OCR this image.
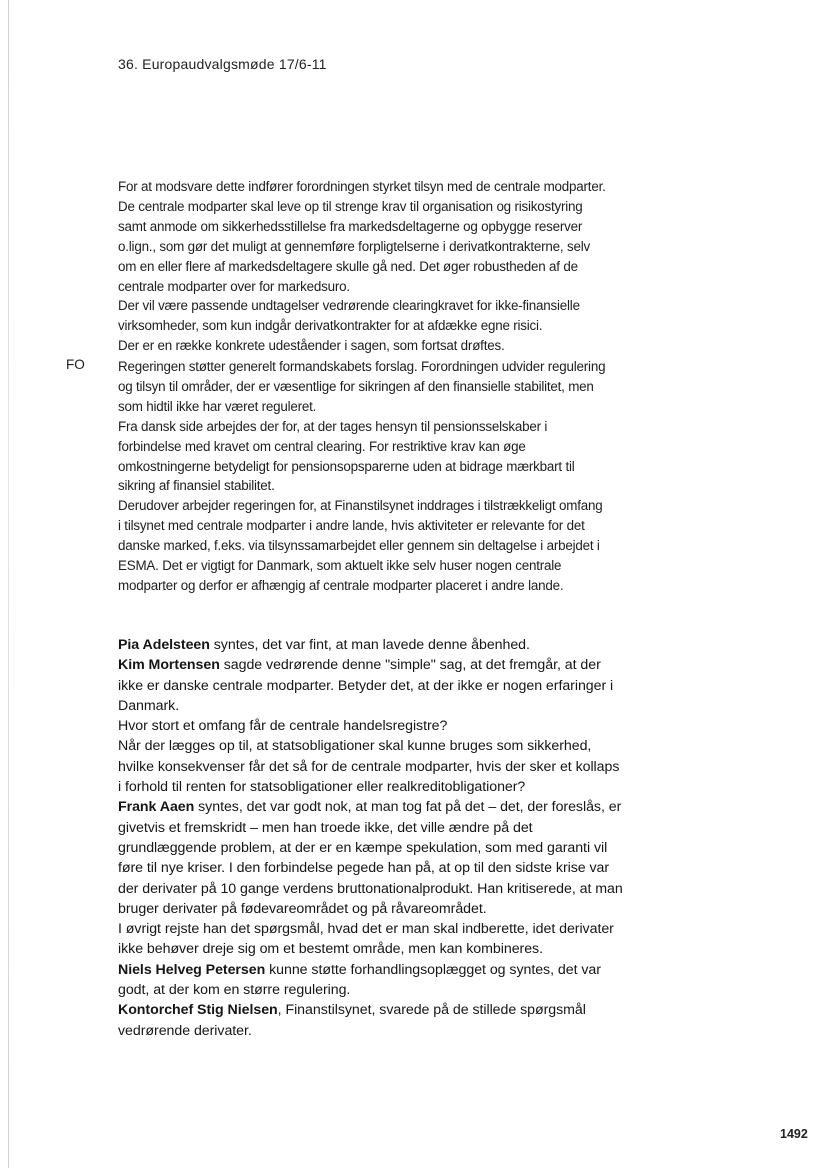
36. Europaudvalgsmøde 17/6-11

For at modsvare dette indfører forordningen styrket tilsyn med de centrale modparter. De centrale modparter skal leve op til strenge krav til organisation og risikostyring samt anmode om sikkerhedsstillelse fra markedsdeltagerne og opbygge reserver o.lign., som gør det muligt at gennemføre forpligtelserne i derivatkontrakterne, selv om en eller flere af markedsdeltagere skulle gå ned. Det øger robustheden af de centrale modparter over for markedsuro.

Der vil være passende undtagelser vedrørende clearingkravet for ikke-finansielle virksomheder, som kun indgår derivatkontrakter for at afdække egne risici.

Der er en række konkrete udeståender i sagen, som fortsat drøftes.

FO Regeringen støtter generelt formandskabets forslag. Forordningen udvider regulering og tilsyn til områder, der er væsentlige for sikringen af den finansielle stabilitet, men som hidtil ikke har været reguleret.

Fra dansk side arbejdes der for, at der tages hensyn til pensionsselskaber i forbindelse med kravet om central clearing. For restriktive krav kan øge omkostningerne betydeligt for pensionsopsparerne uden at bidrage mærkbart til sikring af finansiel stabilitet.

Derudover arbejder regeringen for, at Finanstilsynet inddrages i tilstrækkeligt omfang i tilsynet med centrale modparter i andre lande, hvis aktiviteter er relevante for det danske marked, f.eks. via tilsynssamarbejdet eller gennem sin deltagelse i arbejdet i ESMA. Det er vigtigt for Danmark, som aktuelt ikke selv huser nogen centrale modparter og derfor er afhængig af centrale modparter placeret i andre lande.

Pia Adelsteen syntes, det var fint, at man lavede denne åbenhed.

Kim Mortensen sagde vedrørende denne "simple" sag, at det fremgår, at der ikke er danske centrale modparter. Betyder det, at der ikke er nogen erfaringer i Danmark.

Hvor stort et omfang får de centrale handelsregistre?

Når der lægges op til, at statsobligationer skal kunne bruges som sikkerhed, hvilke konsekvenser får det så for de centrale modparter, hvis der sker et kollaps i forhold til renten for statsobligationer eller realkreditobligationer?

Frank Aaen syntes, det var godt nok, at man tog fat på det – det, der foreslås, er givetvis et fremskridt – men han troede ikke, det ville ændre på det grundlæggende problem, at der er en kæmpe spekulation, som med garanti vil føre til nye kriser. I den forbindelse pegede han på, at op til den sidste krise var der derivater på 10 gange verdens bruttonationalprodukt. Han kritiserede, at man bruger derivater på fødevareområdet og på råvareområdet.

I øvrigt rejste han det spørgsmål, hvad det er man skal indberette, idet derivater ikke behøver dreje sig om et bestemt område, men kan kombineres.

Niels Helveg Petersen kunne støtte forhandlingsoplægget og syntes, det var godt, at der kom en større regulering.

Kontorchef Stig Nielsen, Finanstilsynet, svarede på de stillede spørgsmål vedrørende derivater.

1492
